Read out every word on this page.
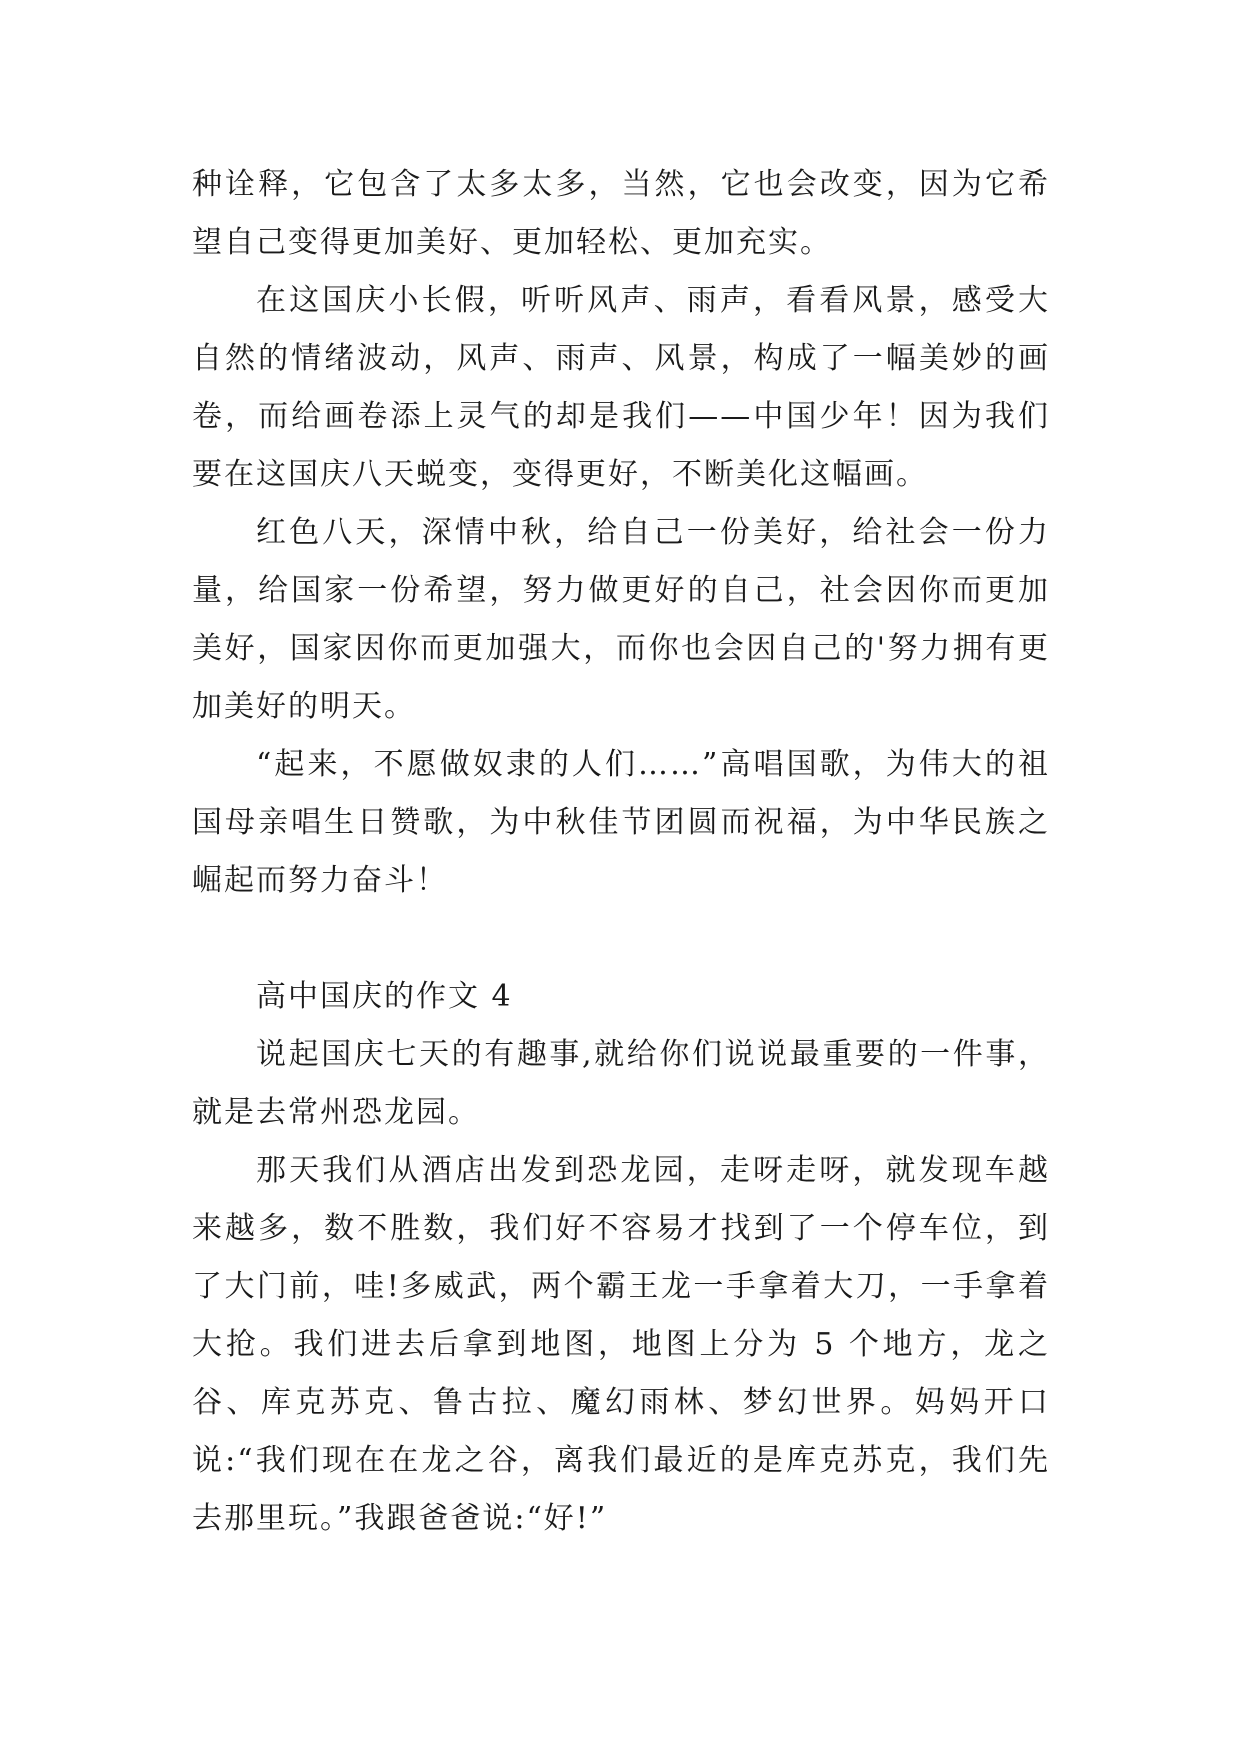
种诠释，它包含了太多太多，当然，它也会改变，因为它希望自己变得更加美好、更加轻松、更加充实。

在这国庆小长假，听听风声、雨声，看看风景，感受大自然的情绪波动，风声、雨声、风景，构成了一幅美妙的画卷，而给画卷添上灵气的却是我们——中国少年！因为我们要在这国庆八天蜕变，变得更好，不断美化这幅画。

红色八天，深情中秋，给自己一份美好，给社会一份力量，给国家一份希望，努力做更好的自己，社会因你而更加美好，国家因你而更加强大，而你也会因自己的'努力拥有更加美好的明天。

“起来，不愿做奴隶的人们……”高唱国歌，为伟大的祖国母亲唱生日赞歌，为中秋佳节团圆而祝福，为中华民族之崛起而努力奋斗！

高中国庆的作文 4

说起国庆七天的有趣事,就给你们说说最重要的一件事，就是去常州恐龙园。

那天我们从酒店出发到恐龙园，走呀走呀，就发现车越来越多，数不胜数，我们好不容易才找到了一个停车位，到了大门前，哇!多威武，两个霸王龙一手拿着大刀，一手拿着大抢。我们进去后拿到地图，地图上分为 5 个地方，龙之谷、库克苏克、鲁古拉、魔幻雨林、梦幻世界。妈妈开口说:“我们现在在龙之谷，离我们最近的是库克苏克，我们先去那里玩。”我跟爸爸说:“好!”
